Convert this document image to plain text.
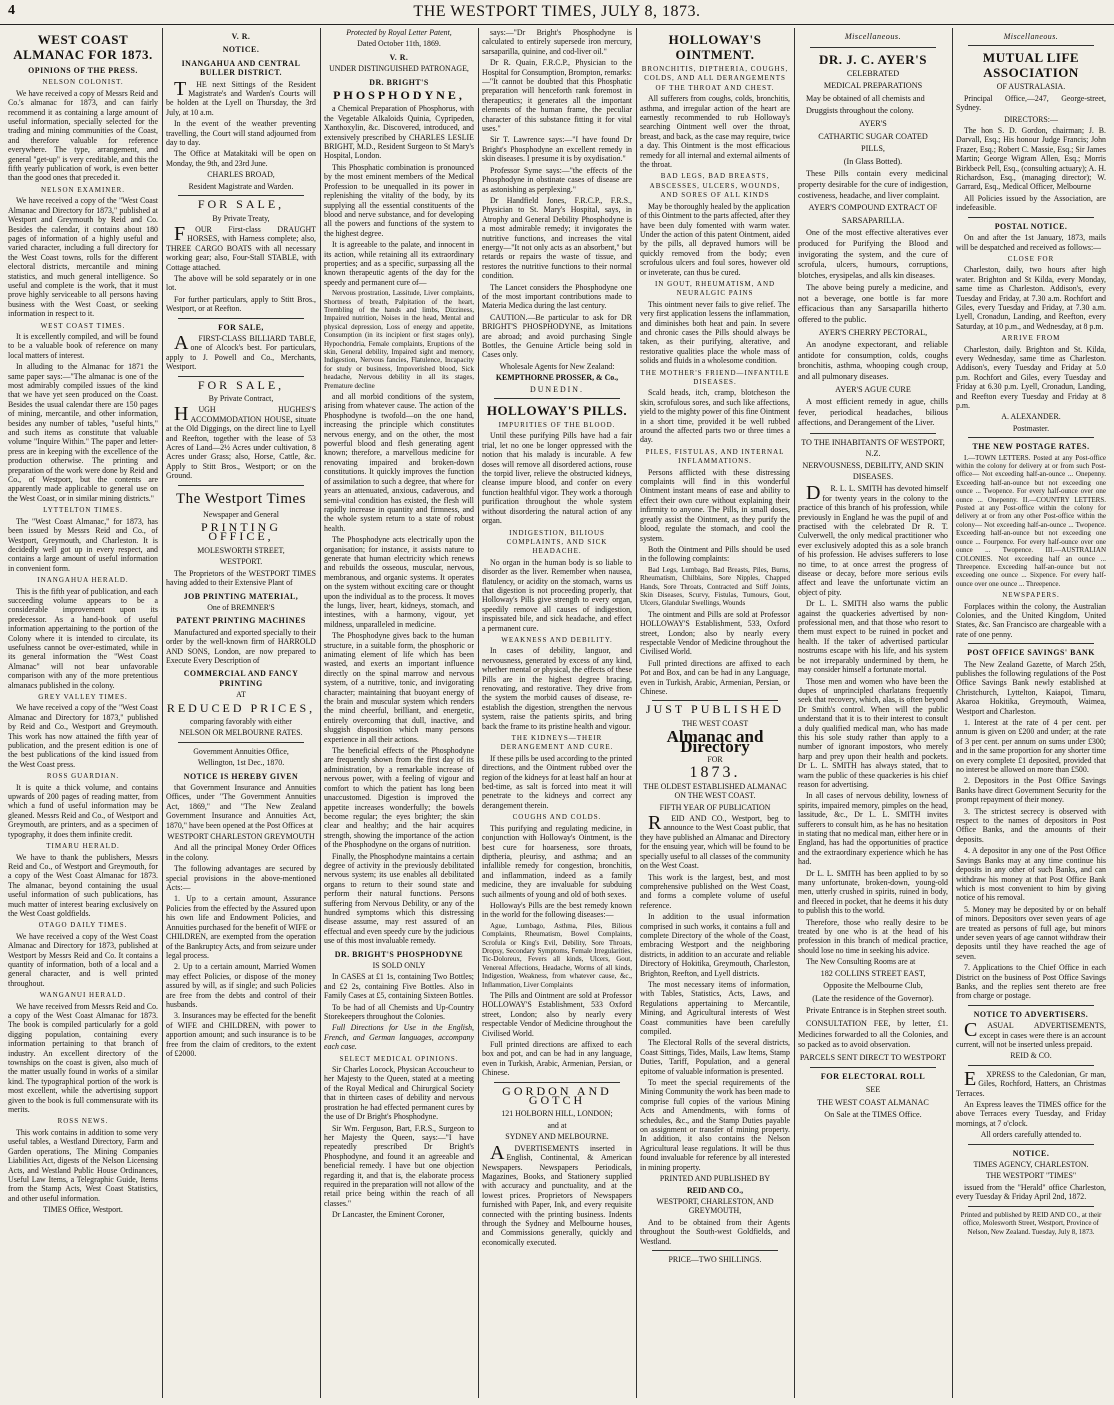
4	THE WESTPORT TIMES, JULY 8, 1873.
WEST COAST ALMANAC FOR 1873.
OPINIONS OF THE PRESS.
NELSON COLONIST.

We have received a copy of Messrs Reid and Co.'s almanac for 1873, and can fairly recommend it as containing a large amount of useful information, specially selected for the trading and mining communities of the Coast, and therefore valuable for reference everywhere. The type, arrangement, and general "get-up" is very creditable, and this the fifth yearly publication of work, is even better than the good ones that preceded it.

NELSON EXAMINER.

We have received a copy of the "West Coast Almanac and Directory for 1873," published at Westport and Greymouth by Reid and Co. Besides the calendar, it contains about 180 pages of information of a highly useful and varied character, including a full directory for the West Coast towns, rolls for the different electoral districts, mercantile and mining statistics, and much general intelligence. So useful and complete is the work, that it must prove highly serviceable to all persons having business with the West Coast, or seeking information in respect to it.

WEST COAST TIMES.

It is excellently compiled, and will be found to be a valuable book of reference on many local matters of interest.

In alluding to the Almanac for 1871 the same paper says:—"The almanac is one of the most admirably compiled issues of the kind that we have yet seen produced on the Coast. Besides the usual calendar there are 150 pages of mining, mercantile, and other information, besides any number of tables, "useful hints," and such items as constitute that valuable volume "Inquire Within." The paper and letter-press are in keeping with the excellence of the production otherwise. The printing and preparation of the work were done by Reid and Co., of Westport, but the contents are apparently made applicable to general use on the West Coast, or in similar mining districts."

LYTTELTON TIMES.

The "West Coast Almanac," for 1873, has been issued by Messrs Reid and Co., of Westport, Greymouth, and Charleston. It is decidedly well got up in every respect, and contains a large amount of useful information in convenient form.

INANGAHUA HERALD.

This is the fifth year of publication, and each succeeding volume appears to be a considerable improvement upon its predecessor. As a hand-book of useful information appertaining to the portion of the Colony where it is intended to circulate, its usefulness cannot be over-estimated, while in its general information the "West Coast Almanac" will not bear unfavorable comparison with any of the more pretentious almanacs published in the colony.

GREY VALLEY TIMES.

We have received a copy of the "West Coast Almanac and Directory for 1873," published by Reid and Co., Westport and Greymouth. This work has now attained the fifth year of publication, and the present edition is one of the best publications of the kind issued from the West Coast press.

ROSS GUARDIAN.

It is quite a thick volume, and contains upwards of 200 pages of reading matter, from which a fund of useful information may be gleaned. Messrs Reid and Co., of Westport and Greymouth, are printers, and as a specimen of typography, it does them infinite credit.

TIMARU HERALD.

We have to thank the publishers, Messrs Reid and Co., of Westport and Greymouth, for a copy of the West Coast Almanac for 1873. The almanac, beyond containing the usual useful information of such publications, has much matter of interest bearing exclusively on the West Coast goldfields.

OTAGO DAILY TIMES.

We have received a copy of the West Coast Almanac and Directory for 1873, published at Westport by Messrs Reid and Co. It contains a quantity of information, both of a local and a general character, and is well printed throughout.

WANGANUI HERALD.

We have received from Messrs Reid and Co. a copy of the West Coast Almanac for 1873. The book is compiled particularly for a gold digging population, containing every information pertaining to that branch of industry. An excellent directory of the townships on the coast is given, also much of the matter usually found in works of a similar kind. The typographical portion of the work is most excellent, while the advertising support given to the book is full commensurate with its merits.

ROSS NEWS.

This work contains in addition to some very useful tables, a Westland Directory, Farm and Garden operations, The Mining Companies Liabilities Act, digests of the Nelson Licensing Acts, and Westland Public House Ordinances, Useful Law Items, a Telegraphic Guide, Items from the Stamp Acts, West Coast Statistics, and other useful information.

TIMES Office, Westport.

V. R.
NOTICE.
INANGAHUA AND CENTRAL BULLER DISTRICT.

THE next Sittings of the Resident Magistrate's and Warden's Courts will be holden at the Lyell on Thursday, the 3rd July, at 10 a.m.

In the event of the weather preventing travelling, the Court will stand adjourned from day to day.

The Office at Matakitaki will be open on Monday, the 9th, and 23rd June.

CHARLES BROAD,

Resident Magistrate and Warden.

FOR SALE,

By Private Treaty,

FOUR First-class DRAUGHT HORSES, with Harness complete; also, THREE CARGO BOATS with all necessary working gear; also, Four-Stall STABLE, with Cottage attached.

The above will be sold separately or in one lot.

For further particulars, apply to Stitt Bros., Westport, or at Reefton.

FOR SALE,

AFIRST-CLASS BILLIARD TABLE, one of Alcock's best. For particulars, apply to J. Powell and Co., Merchants, Westport.

FOR SALE,

By Private Contract,

HUGH HUGHES'S ACCOMMODATION HOUSE, situate at the Old Diggings, on the direct line to Lyell and Reefton, together with the lease of 53 Acres of Land—2½ Acres under cultivation, 8 Acres under Grass; also, Horse, Cattle, &c. Apply to Stitt Bros., Westport; or on the Ground.

The Westport Times

Newspaper and General

PRINTING OFFICE,

MOLESWORTH STREET,

WESTPORT.

The Proprietors of the WESTPORT TIMES having added to their Extensive Plant of

JOB PRINTING MATERIAL,

One of BREMNER'S

PATENT PRINTING MACHINES

Manufactured and exported specially to their order by the well-known firm of HARROLD AND SONS, London, are now prepared to Execute Every Description of

COMMERCIAL AND FANCY PRINTING

AT

REDUCED PRICES,

comparing favorably with either

NELSON OR MELBOURNE RATES.

Government Annuities Office,

Wellington, 1st Dec., 1870.

NOTICE IS HEREBY GIVEN

that Government Insurance and Annuities Offices, under "The Government Annuities Act, 1869," and "The New Zealand Government Insurance and Annuities Act, 1870," have been opened at the Post Offices at

WESTPORT CHARLESTON GREYMOUTH

And all the principal Money Order Offices in the colony.

The following advantages are secured by special provisions in the above-mentioned Acts:—

1. Up to a certain amount, Assurance Policies from the effected by the Assured upon his own life and Endowment Policies, and Annuities purchased for the benefit of WIFE or CHILDREN, are exempted from the operation of the Bankruptcy Acts, and from seizure under legal process.

2. Up to a certain amount, Married Women may effect Policies, or dispose of the money assured by will, as if single; and such Policies are free from the debts and control of their husbands.

3. Insurances may be effected for the benefit of WIFE and CHILDREN, with power to apportion amount; and such insurance is to be free from the claim of creditors, to the extent of £2000.

Protected by Royal Letter Patent,

Dated October 11th, 1869.

V. R.

UNDER DISTINGUISHED PATRONAGE,

DR. BRIGHT'S
PHOSPHODYNE,

a Chemical Preparation of Phosphorus, with the Vegetable Alkaloids Quinia, Cypripeden, Xanthoxylin, &c. Discovered, introduced, and extensively prescribed by CHARLES LESLIE BRIGHT, M.D., Resident Surgeon to St Mary's Hospital, London.

This Phosphatic combination is pronounced by the most eminent members of the Medical Profession to be unequalled in its power in replenishing the vitality of the body, by its supplying all the essential constituents of the blood and nerve substance, and for developing all the powers and functions of the system to the highest degree.

It is agreeable to the palate, and innocent in its action, while retaining all its extraordinary properties; and as a specific, surpassing all the known therapeutic agents of the day for the speedy and permanent cure of—

Nervous prostration, Lassitude, Liver complaints, Shortness of breath, Palpitation of the heart, Trembling of the hands and limbs, Dizziness, Impaired nutrition, Noises in the head, Mental and physical depression, Loss of energy and appetite, Consumption (in its incipient or first stages only), Hypochondria, Female complaints, Eruptions of the skin, General debility, Impaired sight and memory, Indigestion, Nervous fancies, Flatulence, Incapacity for study or business, Impoverished blood, Sick headache, Nervous debility in all its stages, Premature decline

and all morbid conditions of the system, arising from whatever cause. The action of the Phosphodyne is twofold—on the one hand, increasing the principle which constitutes nervous energy, and on the other, the most powerful blood and flesh generating agent known; therefore, a marvellous medicine for renovating impaired and broken-down constitutions. It quickly improves the function of assimilation to such a degree, that where for years an attenuated, anxious, cadaverous, and semi-vital condition has existed, the flesh will rapidly increase in quantity and firmness, and the whole system return to a state of robust health.

The Phosphodyne acts electrically upon the organisation; for instance, it assists nature to generate that human electricity which renews and rebuilds the osseous, muscular, nervous, membranous, and organic systems. It operates on the system without exciting care or thought upon the individual as to the process. It moves the lungs, liver, heart, kidneys, stomach, and intestines, with a harmony, vigour, yet mildness, unparalleled in medicine.

The Phosphodyne gives back to the human structure, in a suitable form, the phosphoric or animating element of life which has been wasted, and exerts an important influence directly on the spinal marrow and nervous system, of a nutritive, tonic, and invigorating character; maintaining that buoyant energy of the brain and muscular system which renders the mind cheerful, brilliant, and energetic, entirely overcoming that dull, inactive, and sluggish disposition which many persons experience in all their actions.

The beneficial effects of the Phosphodyne are frequently shown from the first day of its administration, by a remarkable increase of nervous power, with a feeling of vigour and comfort to which the patient has long been unaccustomed. Digestion is improved the appetite increases wonderfully; the bowels become regular; the eyes brighter; the skin clear and healthy; and the hair acquires strength, showing the importance of the action of the Phosphodyne on the organs of nutrition.

Finally, the Phosphodyne maintains a certain degree of activity in the previously debilitated nervous system; its use enables all debilitated organs to return to their sound state and perform their natural functions. Persons suffering from Nervous Debility, or any of the hundred symptoms which this distressing disease assume, may rest assured of an effectual and even speedy cure by the judicious use of this most invaluable remedy.

DR. BRIGHT'S PHOSPHODYNE

IS SOLD ONLY

In CASES at £1 1s, containing Two Bottles; and £2 2s, containing Five Bottles. Also in Family Cases at £5, containing Sixteen Bottles.

To be had of all Chemists and Up-Country Storekeepers throughout the Colonies.

Full Directions for Use in the English, French, and German languages, accompany each case.

SELECT MEDICAL OPINIONS.

Sir Charles Locock, Physican Accoucheur to her Majesty to the Queen, stated at a meeting of the Royal Medical and Chirurgical Society that in thirteen cases of debility and nervous prostration he had effected permanent cures by the use of Dr Bright's Phosphodyne.

Sir Wm. Ferguson, Bart, F.R.S., Surgeon to her Majesty the Queen, says:—"I have repeatedly prescribed Dr Bright's Phosphodyne, and found it an agreeable and beneficial remedy. I have but one objection regarding it, and that is, the elaborate process required in the preparation will not allow of the retail price being within the reach of all classes."

Dr Lancaster, the Eminent Coroner,

says:—"Dr Bright's Phosphodyne is calculated to entirely supersede iron mercury, sarsaparilla, quinine, and cod-liver oil."

Dr R. Quain, F.R.C.P., Physician to the Hospital for Consumption, Brompton, remarks:—"It cannot be doubted that this Phosphatic preparation will henceforth rank foremost in therapeutics; it generates all the important elements of the human frame, the peculiar character of this substance fitting it for vital uses."

Sir T. Lawrence says:—"I have found Dr Bright's Phosphodyne an excellent remedy in skin diseases. I presume it is by oxydisation."

Professor Syme says:—"the effects of the Phosphodyne in obstinate cases of disease are as astonishing as perplexing."

Dr Handfield Jones, F.R.C.P., F.R.S., Physician to St. Mary's Hospital, says, in Atrophy and General Debility Phosphodyne is a most admirable remedy; it invigorates the nutritive functions, and increases the vital energy—"It not only acts as an absorbent," but retards or repairs the waste of tissue, and restores the nutritive functions to their normal condition.

The Lancet considers the Phosphodyne one of the most important contributions made to Materia Medica during the last century.

CAUTION.—Be particular to ask for DR BRIGHT'S PHOSPHODYNE, as Imitations are abroad; and avoid purchasing Single Bottles, the Genuine Article being sold in Cases only.

Wholesale Agents for New Zealand:

KEMPTHORNE PROSSER, & Co.,

DUNEDIN.

HOLLOWAY'S PILLS.
IMPURITIES OF THE BLOOD.

Until these purifying Pills have had a fair trial, let no one be longer oppressed with the notion that his malady is incurable. A few doses will remove all disordered actions, rouse the torpid liver, relieve the obstructed kidneys, cleanse impure blood, and confer on every function healthful vigor. They work a thorough purification throughout the whole system without disordering the natural action of any organ.

INDIGESTION, BILIOUS COMPLAINTS, AND SICK HEADACHE.

No organ in the human body is so liable to disorder as the liver. Remember when nausea, flatulency, or acidity on the stomach, warns us that digestion is not proceeding properly, that Holloway's Pills give strength to every organ, speedily remove all causes of indigestion, inspissated bile, and sick headache, and effect a permanent cure.

WEAKNESS AND DEBILITY.

In cases of debility, languor, and nervousness, generated by excess of any kind, whether mental or physical, the effects of these Pills are in the highest degree bracing, renovating, and restorative. They drive from the system the morbid causes of disease, re-establish the digestion, strengthen the nervous system, raise the patients spirits, and bring back the frame to its pristine health and vigour.

THE KIDNEYS—THEIR DERANGEMENT AND CURE.

If these pills be used according to the printed directions, and the Ointment rubbed over the region of the kidneys for at least half an hour at bed-time, as salt is forced into meat it will penetrate to the kidneys and correct any derangement therein.

COUGHS AND COLDS.

This purifying and regulating medicine, in conjunction with Holloway's Ointment, is the best cure for hoarseness, sore throats, diptheria, pleurisy, and asthma; and an infallible remedy for congestion, bronchitis, and inflammation, indeed as a family medicine, they are invaluable for subduing such ailments of young and old of both sexes.

Holloway's Pills are the best remedy known in the world for the following diseases:—

Ague, Lumbago, Asthma, Piles, Bilious Complaints, Rheumatism, Bowel Complaints, Scrofula or King's Evil, Debility, Sore Throats, Dropsy, Secondary Symptoms, Female Irregularities, Tic-Doloreux, Fevers all kinds, Ulcers, Gout, Venereal Affections, Headache, Worms of all kinds, Indigestion, Weakness, from whatever cause, &c., Inflammation, Liver Complaints

The Pills and Ointment are sold at Professor HOLLOWAY'S Establishment, 533 Oxford street, London; also by nearly every respectable Vendor of Medicine throughout the Civilised World.

Full printed directions are affixed to each box and pot, and can be had in any language, even in Turkish, Arabic, Armenian, Persian, or Chinese.

GORDON AND GOTCH

121 HOLBORN HILL, LONDON;

and at

SYDNEY AND MELBOURNE.

ADVERTISEMENTS inserted in English, Continental, & American Newspapers. Newspapers Periodicals, Magazines, Books, and Stationery supplied with accuracy and punctuality, and at the lowest prices. Proprietors of Newspapers furnished with Paper, Ink, and every requisite connected with the printing business. Indents through the Sydney and Melbourne houses, and Commissions generally, quickly and economically executed.

HOLLOWAY'S OINTMENT.
BRONCHITIS, DIPTHERIA, COUGHS, COLDS, AND ALL DERANGEMENTS OF THE THROAT AND CHEST.

All sufferers from coughs, colds, bronchitis, asthma, and irregular action of the heart are earnestly recommended to rub Holloway's searching Ointment well over the throat, breast, and back, as the case may require, twice a day. This Ointment is the most efficacious remedy for all internal and external ailments of the throat.

BAD LEGS, BAD BREASTS, ABSCESSES, ULCERS, WOUNDS, AND SORES OF ALL KINDS

May be thoroughly healed by the application of this Ointment to the parts affected, after they have been duly fomented with warm water. Under the action of this patent Ointment, aided by the pills, all depraved humors will be quickly removed from the body; even scrofulous ulcers and foul sores, however old or inveterate, can thus be cured.

IN GOUT, RHEUMATISM, AND NEURALGIC PAINS

This ointment never fails to give relief. The very first application lessens the inflammation, and diminishes both heat and pain. In severe and chronic cases the Pills should always be taken, as their purifying, alterative, and restorative qualities place the whole mass of solids and fluids in a wholesome condition.

THE MOTHER'S FRIEND—INFANTILE DISEASES.

Scald heads, itch, cramp, blotcheson the skin, scrofulous sores, and such like affections, yield to the mighty power of this fine Ointment in a short time, provided it be well rubbed around the affected parts two or three times a day.

PILES, FISTULAS, AND INTERNAL INFLAMMATIONS.

Persons afflicted with these distressing complaints will find in this wonderful Ointment instant means of ease and ability to effect their own cure without explaining their infirmity to anyone. The Pills, in small doses, greatly assist the Ointment, as they purify the blood, regulate the stomach, and cool the system.

Both the Ointment and Pills should be used in the following complaints:

Bad Legs, Lumbago, Bad Breasts, Piles, Burns, Rheumatism, Chilblains, Sore Nipples, Chapped Hands, Sore Throats, Contracted and Stiff Joints, Skin Diseases, Scurvy, Fistulas, Tumours, Gout, Ulcers, Glandular Swellings, Wounds

The ointment and Pills are sold at Professor HOLLOWAY'S Establishment, 533, Oxford street, London; also by nearly every respectable Vendor of Medicine throughout the Civilised World.

Full printed directions are affixed to each Pot and Box, and can be had in any Language, even in Turkish, Arabic, Armenian, Persian, or Chinese.

JUST PUBLISHED

THE WEST COAST

Almanac and Directory

FOR

1873.

THE OLDEST ESTABLISHED ALMANAC ON THE WEST COAST.

FIFTH YEAR OF PUBLICATION

REID AND CO., Westport, beg to announce to the West Coast public, that they have published an Almanac and Directory for the ensuing year, which will be found to be specially useful to all classes of the community on the West Coast.

This work is the largest, best, and most comprehensive published on the West Coast, and forms a complete volume of useful reference.

In addition to the usual information comprised in such works, it contains a full and complete Directory of the whole of the Coast, embracing Westport and the neighboring districts, in addition to an accurate and reliable Directory of Hokitika, Greymouth, Charleston, Brighton, Reefton, and Lyell districts.

The most necessary items of information, with Tables, Statistics, Acts, Laws, and Regulations appertaining to Mercantile, Mining, and Agricultural interests of West Coast communities have been carefully compiled.

The Electoral Rolls of the several districts, Coast Sittings, Tides, Mails, Law Items, Stamp Duties, Tariff, Population, and a general epitome of valuable information is presented.

To meet the special requirements of the Mining Community the work has been made to comprise full copies of the various Mining Acts and Amendments, with forms of schedules, &c., and the Stamp Duties payable on assignment or transfer of mining property. In addition, it also contains the Nelson Agricultural lease regulations. It will be thus found invaluable for reference by all interested in mining property.

PRINTED AND PUBLISHED BY

REID AND CO.,

WESTPORT, CHARLESTON, AND GREYMOUTH,

And to be obtained from their Agents throughout the South-west Goldfields, and Westland.

PRICE—TWO SHILLINGS.

Miscellaneous.
DR. J. C. AYER'S

CELEBRATED

MEDICAL PREPARATIONS

May be obtained of all chemists and

Druggists throughout the colony.

AYER'S

CATHARTIC SUGAR COATED

PILLS,

(In Glass Botted).

These Pills contain every medicinal property desirable for the cure of indigestion, costiveness, headache, and liver complaint.

AYER'S COMPOUND EXTRACT OF

SARSAPARILLA.

One of the most effective alteratives ever produced for Purifying the Blood and invigorating the system, and the cure of scrofula, ulcers, humours, corruptions, blotches, erysipelas, and alls kin diseases.

The above being purely a medicine, and not a beverage, one bottle is far more efficacious than any Sarsaparilla hitherto offered to the public.

AYER'S CHERRY PECTORAL,

An anodyne expectorant, and reliable antidote for consumption, colds, coughs bronchitis, asthma, whooping cough croup, and all pulmonary diseases.

AYER'S AGUE CURE

A most efficient remedy in ague, chills fever, periodical headaches, bilious affections, and Derangement of the Liver.

TO THE INHABITANTS OF WESTPORT, N.Z.

NERVOUSNESS, DEBILITY, AND SKIN DISEASES.

DR. L. L. SMITH has devoted himself for twenty years in the colony to the practice of this branch of his profession, while previously in England he was the pupil of and practised with the celebrated Dr R. T. Culverwell, the only medical practitioner who ever exclusively adopted this as a sole branch of his profession. He advises sufferers to lose no time, to at once arrest the progress of disease or decay, before more serious evils affect and leave the unfortunate victim an object of pity.

Dr L. L. SMITH also warns the public against the quackeries advertised by non-professional men, and that those who resort to them must expect to be ruined in pocket and health. If the taker of advertised particular nostrums escape with his life, and his system be not irreparably undermined by them, he may consider himself a fortunate mortal.

Those men and women who have been the dupes of unprincipled charlatans frequently seek that recovery, which, alas, is often beyond Dr Smith's control. When will the public understand that it is to their interest to consult a duly qualified medical man, who has made this his sole study rather than apply to a number of ignorant impostors, who merely harp and prey upon their health and pockets. Dr L. L. SMITH has always stated, that to warn the public of these quackeries is his chief reason for advertising.

In all cases of nervous debility, lowness of spirits, impaired memory, pimples on the head, lassitude, &c., Dr L. L. SMITH invites sufferers to consult him, as he has no hesitation in stating that no medical man, either here or in England, has had the opportunities of practice and the extraordinary experience which he has had.

Dr L. L. SMITH has been applied to by so many unfortunate, broken-down, young-old men, utterly crushed in spirits, ruined in body, and fleeced in pocket, that he deems it his duty to publish this to the world.

Therefore, those who really desire to be treated by one who is at the head of his profession in this branch of medical practice, should lose no time in seeking his advice.

The New Consulting Rooms are at

182 COLLINS STREET EAST,

Opposite the Melbourne Club,

(Late the residence of the Governor).

Private Entrance is in Stephen street south.

CONSULTATION FEE, by letter, £1. Medicines forwarded to all the Colonies, and so packed as to avoid observation.

PARCELS SENT DIRECT TO WESTPORT

FOR ELECTORAL ROLL

SEE

THE WEST COAST ALMANAC

On Sale at the TIMES Office.

Miscellaneous.
MUTUAL LIFE ASSOCIATION

OF AUSTRALASIA.

Principal Office,—247, George-street, Sydney.

DIRECTORS:—

The hon S. D. Gordon, chairman; J. B. Darvall, Esq.; His honour Judge Francis; John Frazer, Esq.; Robert C. Massie, Esq.; Sir James Martin; George Wigram Allen, Esq.; Morris Birkbeck Pell, Esq., (consulting actuary); A. H. Richardson, Esq., (managing director); W. Garrard, Esq., Medical Officer, Melbourne

All Policies issued by the Association, are indefeasible.

POSTAL NOTICE.

On and after the 1st January, 1873, mails will be despatched and received as follows:—

CLOSE FOR

Charleston, daily, two hours after high water. Brighton and St Kilda, every Monday, same time as Charleston. Addison's, every Tuesday and Friday, at 7.30 a.m. Rochfort and Giles, every Tuesday and Friday, at 7.30 a.m. Lyell, Cronadun, Landing, and Reefton, every Saturday, at 10 p.m., and Wednesday, at 8 p.m.

ARRIVE FROM

Charleston, daily. Brighton and St. Kilda, every Wednesday, same time as Charleston. Addison's, every Tuesday and Friday at 5.0 p.m. Rochfort and Giles, every Tuesday and Friday at 6.30 p.m. Lyell, Cronadun, Landing, and Reefton every Tuesday and Friday at 8 p.m.

A. ALEXANDER.

Postmaster.

THE NEW POSTAGE RATES.

I.—TOWN LETTERS. Posted at any Post-office within the colony for delivery at or from such Post-office— Not exceeding half-an-ounce ... Onepenny. Exceeding half-an-ounce but not exceeding one ounce ... Twopence. For every half-ounce over one ounce ... Onepenny. II.—COUNTRY LETTERS. Posted at any Post-office within the colony for delivery at or from any other Post-office within the colony— Not exceeding half-an-ounce ... Twopence. Exceeding half-an-ounce but not exceeding one ounce ... Fourpence. For every half-ounce over one ounce ... Twopence. III.—AUSTRALIAN COLONIES. Not exceeding half an ounce ... Threepence. Exceeding half-an-ounce but not exceeding one ounce ... Sixpence. For every half-ounce over one ounce ... Threepence.

NEWSPAPERS.

Forplaces within the colony, the Australian Colonies, and the United Kingdom, United States, &c. San Francisco are chargeable with a rate of one penny.

POST OFFICE SAVINGS' BANK

The New Zealand Gazette, of March 25th, publishes the following regulations of the Post Office Savings Bank newly established at Christchurch, Lyttelton, Kaiapoi, Timaru, Akaroa Hokitika, Greymouth, Waimea, Westport and Charleston.

1. Interest at the rate of 4 per cent. per annum is given on £200 and under; at the rate of 3 per cent. per annum on sums under £300; and in the same proportion for any shorter time on every complete £1 deposited, provided that no interest be allowed on more than £500.

2. Depositors in the Post Office Savings Banks have direct Government Security for the prompt repayment of their money.

3. The strictest secrecy is observed with respect to the names of depositors in Post Office Banks, and the amounts of their deposits.

4. A depositor in any one of the Post Office Savings Banks may at any time continue his deposits in any other of such Banks, and can withdraw his money at that Post Office Bank which is most convenient to him by giving notice of his removal.

5. Money may be deposited by or on behalf of minors. Depositors over seven years of age are treated as persons of full age, but minors under seven years of age cannot withdraw their deposits until they have reached the age of seven.

7. Applications to the Chief Office in each District on the business of Post Office Savings Banks, and the replies sent thereto are free from charge or postage.

NOTICE TO ADVERTISERS.

CASUAL ADVERTISEMENTS, except in cases were there is an account current, will not be inserted unless prepaid.

REID & CO.

EXPRESS to the Caledonian, Gr man, Giles, Rochford, Hatters, an Christmas Terraces.

An Express leaves the TIMES office for the above Terraces every Tuesday, and Friday mornings, at 7 o'clock.

All orders carefully attended to.

NOTICE.

TIMES AGENCY, CHARLESTON.

THE WESTPORT "TIMES"

issued from the "Herald" office Charleston, every Tuesday & Friday April 2nd, 1872.

Printed and published by REID AND CO., at their office, Molesworth Street, Westport, Province of Nelson, New Zealand. Tuesday, July 8, 1873.
